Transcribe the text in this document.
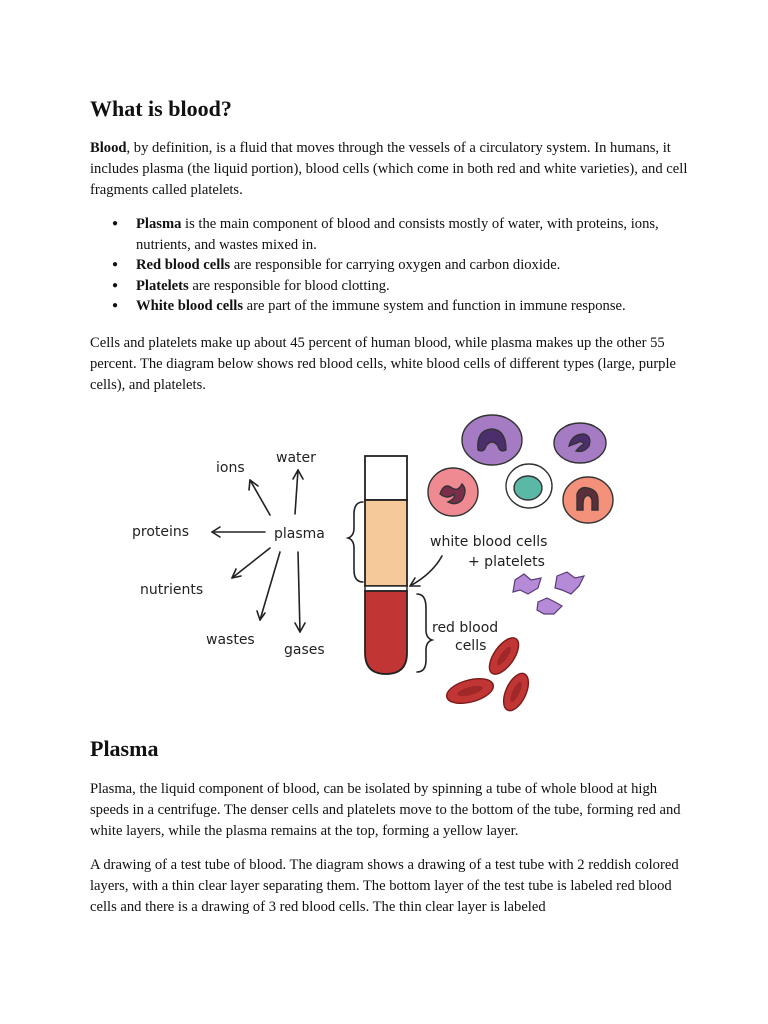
What is blood?

Blood, by definition, is a fluid that moves through the vessels of a circulatory system. In humans, it includes plasma (the liquid portion), blood cells (which come in both red and white varieties), and cell fragments called platelets.

● Plasma is the main component of blood and consists mostly of water, with proteins, ions, nutrients, and wastes mixed in.
● Red blood cells are responsible for carrying oxygen and carbon dioxide.
● Platelets are responsible for blood clotting.
● White blood cells are part of the immune system and function in immune response.

Cells and platelets make up about 45 percent of human blood, while plasma makes up the other 55 percent. The diagram below shows red blood cells, white blood cells of different types (large, purple cells), and platelets.

plasma
ions
water
proteins
nutrients
wastes
gases
white blood cells
+ platelets
red blood
cells
Plasma

Plasma, the liquid component of blood, can be isolated by spinning a tube of whole blood at high speeds in a centrifuge. The denser cells and platelets move to the bottom of the tube, forming red and white layers, while the plasma remains at the top, forming a yellow layer.

A drawing of a test tube of blood. The diagram shows a drawing of a test tube with 2 reddish colored layers, with a thin clear layer separating them. The bottom layer of the test tube is labeled red blood cells and there is a drawing of 3 red blood cells. The thin clear layer is labeled
